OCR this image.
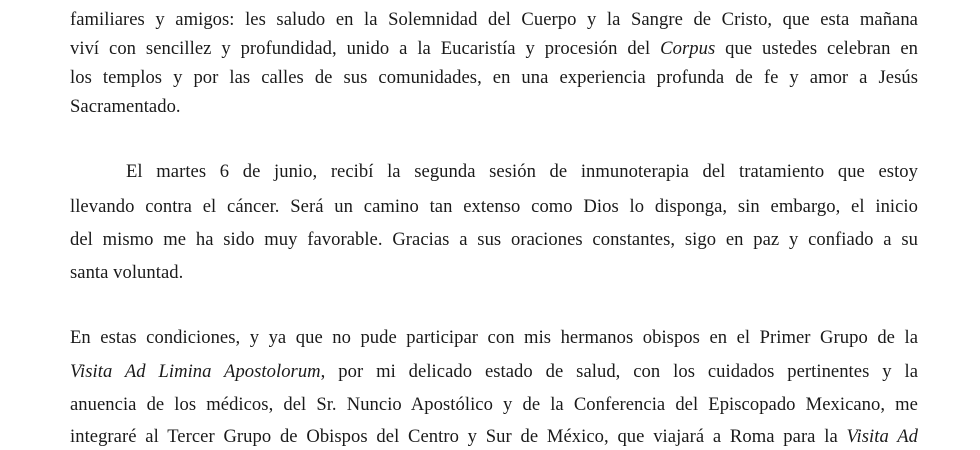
familiares y amigos: les saludo en la Solemnidad del Cuerpo y la Sangre de Cristo, que esta mañana
viví con sencillez y profundidad, unido a la Eucaristía y procesión del Corpus que ustedes celebran en
los templos y por las calles de sus comunidades, en una experiencia profunda de fe y amor a Jesús
Sacramentado.
El martes 6 de junio, recibí la segunda sesión de inmunoterapia del tratamiento que estoy
llevando contra el cáncer. Será un camino tan extenso como Dios lo disponga, sin embargo, el inicio
del mismo me ha sido muy favorable. Gracias a sus oraciones constantes, sigo en paz y confiado a su
santa voluntad.
En estas condiciones, y ya que no pude participar con mis hermanos obispos en el Primer Grupo de la
Visita Ad Limina Apostolorum, por mi delicado estado de salud, con los cuidados pertinentes y la
anuencia de los médicos, del Sr. Nuncio Apostólico y de la Conferencia del Episcopado Mexicano, me
integraré al Tercer Grupo de Obispos del Centro y Sur de México, que viajará a Roma para la Visita Ad
